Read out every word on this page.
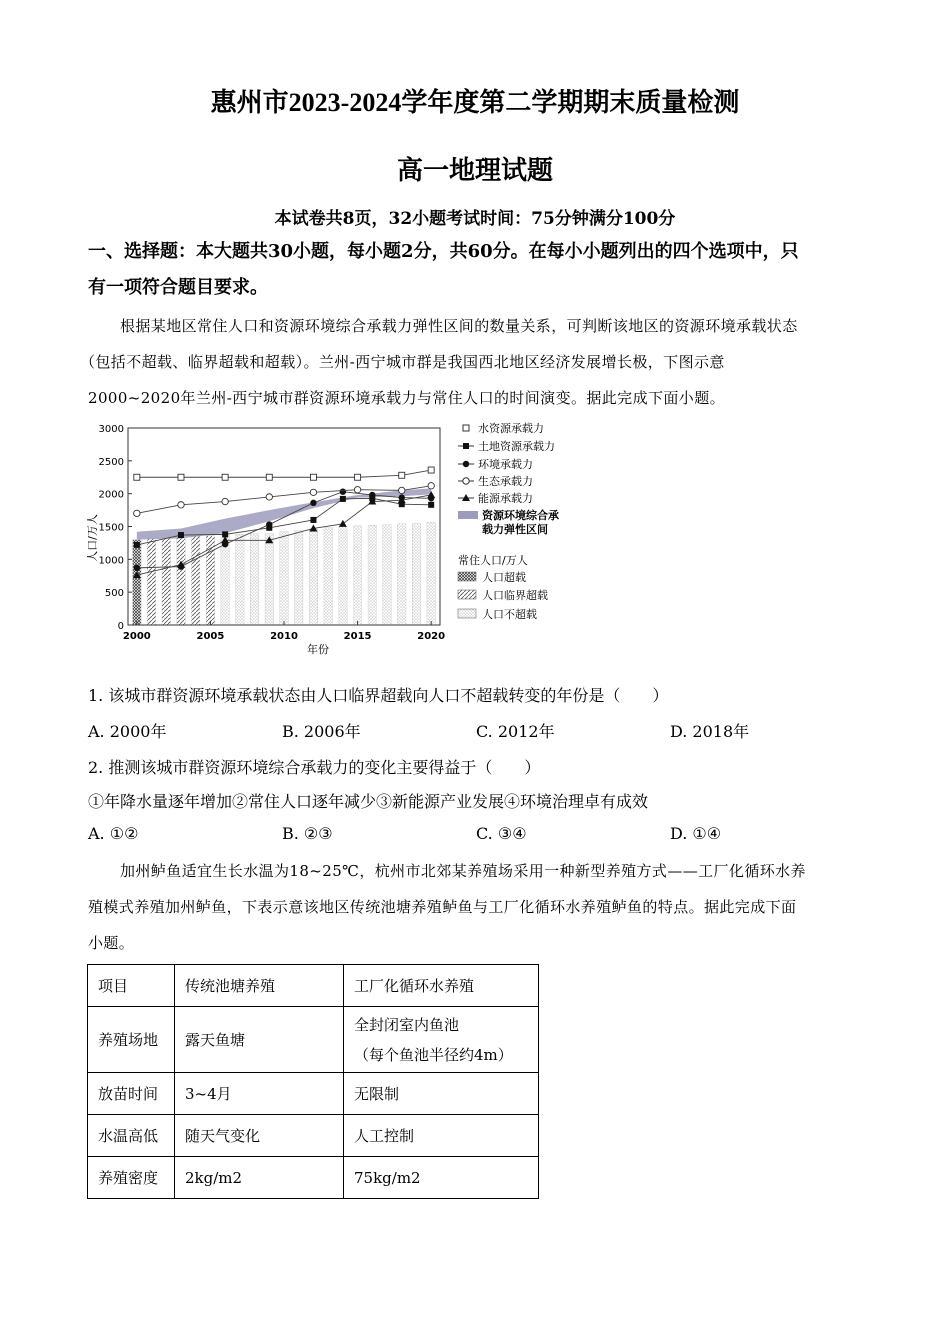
惠州市2023-2024学年度第二学期期末质量检测
高一地理试题
本试卷共8页，32小题考试时间：75分钟满分100分
一、选择题：本大题共30小题，每小题2分，共60分。在每小小题列出的四个选项中，只
有一项符合题目要求。
根据某地区常住人口和资源环境综合承载力弹性区间的数量关系，可判断该地区的资源环境承载状态
（包括不超载、临界超载和超载）。兰州-西宁城市群是我国西北地区经济发展增长极，下图示意
2000~2020年兰州-西宁城市群资源环境承载力与常住人口的时间演变。据此完成下面小题。
0
500
1000
1500
2000
2500
3000
2000	2005	2010	2015	2020
人口/万人
年份
水资源承载力
土地资源承载力
环境承载力
生态承载力
能源承载力
资源环境综合承
载力弹性区间
常住人口/万人
人口超载
人口临界超载
人口不超载
1. 该城市群资源环境承载状态由人口临界超载向人口不超载转变的年份是（　　）
A. 2000年	B. 2006年	C. 2012年	D. 2018年
2. 推测该城市群资源环境综合承载力的变化主要得益于（　　）
①年降水量逐年增加②常住人口逐年减少③新能源产业发展④环境治理卓有成效
A. ①②	B. ②③	C. ③④	D. ①④
加州鲈鱼适宜生长水温为18~25℃，杭州市北郊某养殖场采用一种新型养殖方式——工厂化循环水养
殖模式养殖加州鲈鱼，下表示意该地区传统池塘养殖鲈鱼与工厂化循环水养殖鲈鱼的特点。据此完成下面
小题。
项目	传统池塘养殖	工厂化循环水养殖
养殖场地	露天鱼塘	全封闭室内鱼池
（每个鱼池半径约4m）

放苗时间	3~4月	无限制
水温高低	随天气变化	人工控制
养殖密度	2kg/m2	75kg/m2
